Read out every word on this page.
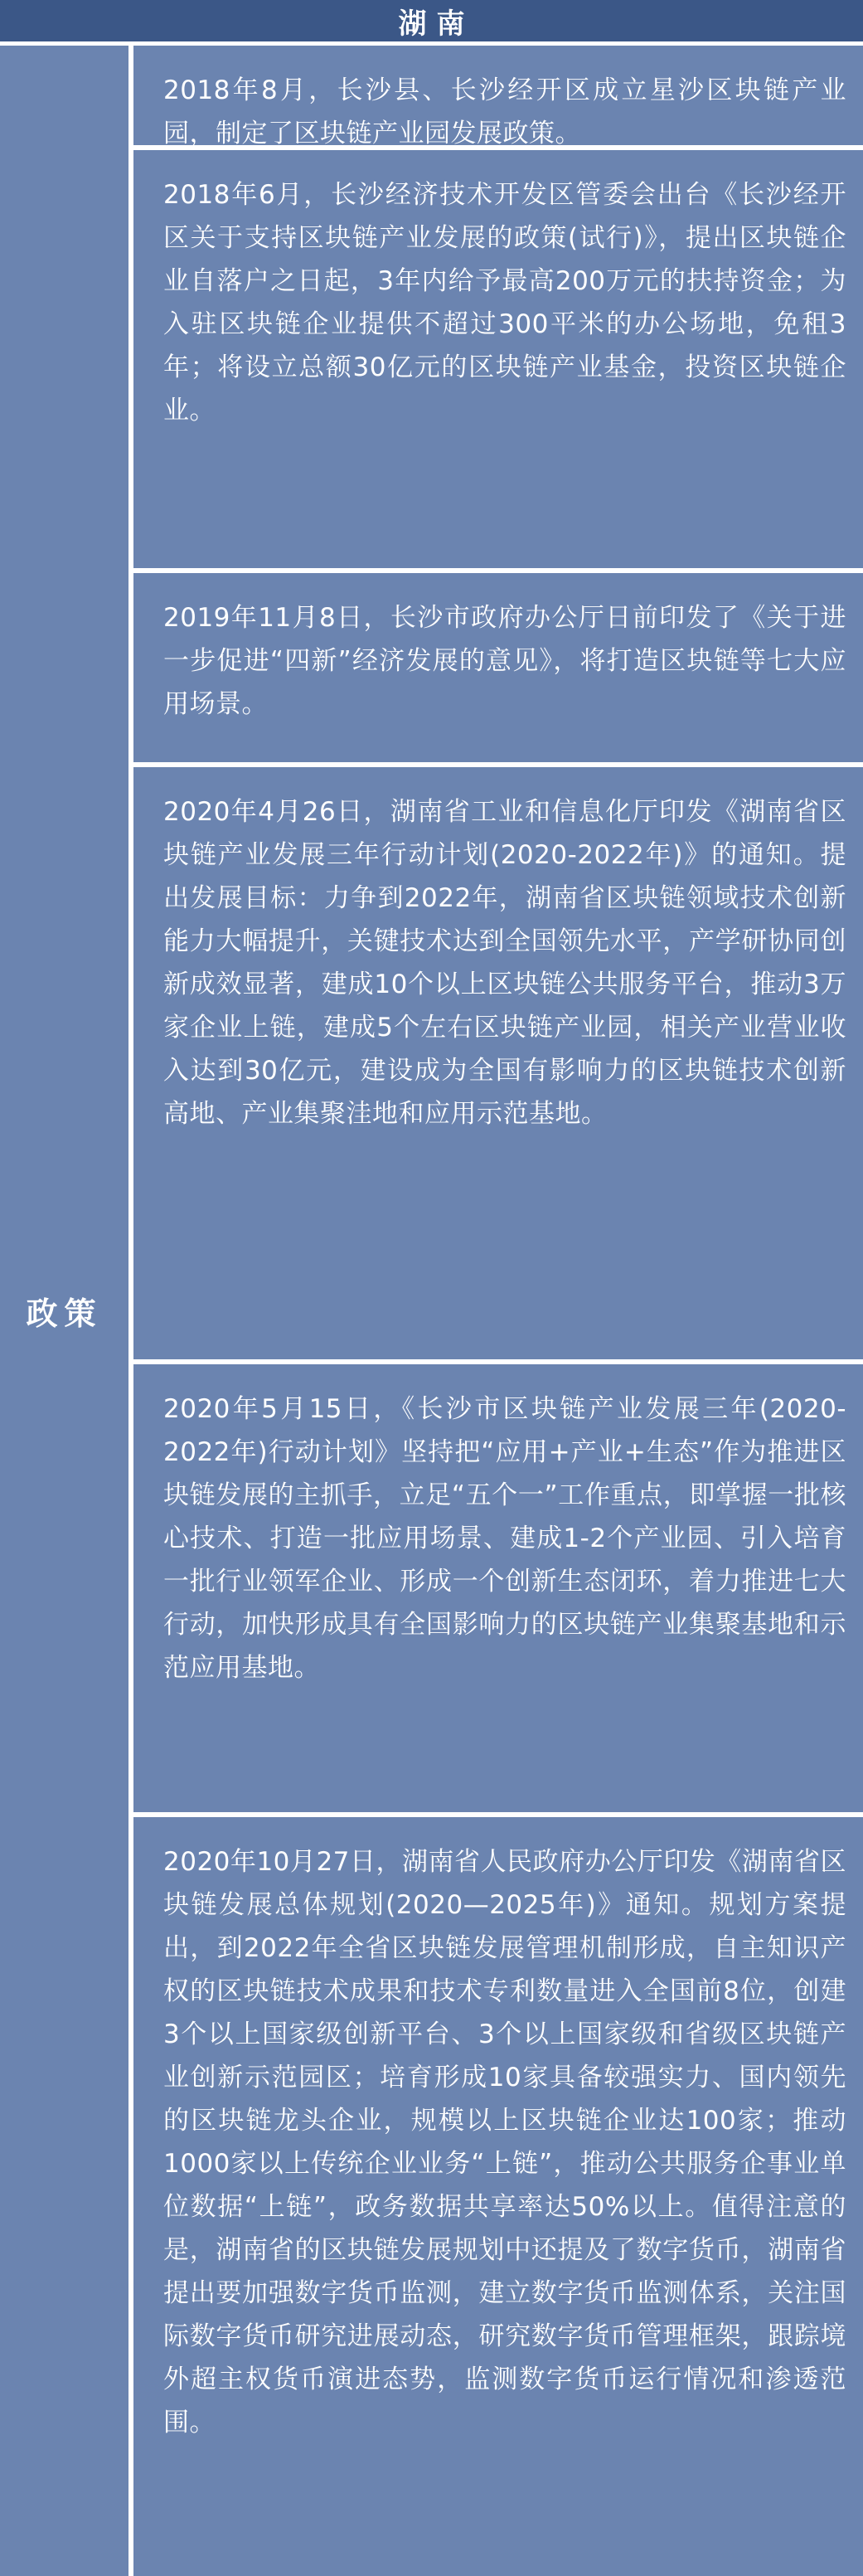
湖南
政策

2018年8月，长沙县、长沙经开区成立星沙区块链产业园，制定了区块链产业园发展政策。

2018年6月，长沙经济技术开发区管委会出台《长沙经开区关于支持区块链产业发展的政策(试行)》，提出区块链企业自落户之日起，3年内给予最高200万元的扶持资金；为入驻区块链企业提供不超过300平米的办公场地，免租3年；将设立总额30亿元的区块链产业基金，投资区块链企业。

2019年11月8日，长沙市政府办公厅日前印发了《关于进一步促进“四新”经济发展的意见》，将打造区块链等七大应用场景。

2020年4月26日，湖南省工业和信息化厅印发《湖南省区块链产业发展三年行动计划(2020-2022年)》的通知。提出发展目标：力争到2022年，湖南省区块链领域技术创新能力大幅提升，关键技术达到全国领先水平，产学研协同创新成效显著，建成10个以上区块链公共服务平台，推动3万家企业上链，建成5个左右区块链产业园，相关产业营业收入达到30亿元，建设成为全国有影响力的区块链技术创新高地、产业集聚洼地和应用示范基地。

2020年5月15日，《长沙市区块链产业发展三年(2020-2022年)行动计划》坚持把“应用+产业+生态”作为推进区块链发展的主抓手，立足“五个一”工作重点，即掌握一批核心技术、打造一批应用场景、建成1-2个产业园、引入培育一批行业领军企业、形成一个创新生态闭环，着力推进七大行动，加快形成具有全国影响力的区块链产业集聚基地和示范应用基地。

2020年10月27日，湖南省人民政府办公厅印发《湖南省区块链发展总体规划(2020—2025年)》通知。规划方案提出，到2022年全省区块链发展管理机制形成，自主知识产权的区块链技术成果和技术专利数量进入全国前8位，创建3个以上国家级创新平台、3个以上国家级和省级区块链产业创新示范园区；培育形成10家具备较强实力、国内领先的区块链龙头企业，规模以上区块链企业达100家；推动1000家以上传统企业业务“上链”，推动公共服务企事业单位数据“上链”，政务数据共享率达50%以上。值得注意的是，湖南省的区块链发展规划中还提及了数字货币，湖南省提出要加强数字货币监测，建立数字货币监测体系，关注国际数字货币研究进展动态，研究数字货币管理框架，跟踪境外超主权货币演进态势，监测数字货币运行情况和渗透范围。
